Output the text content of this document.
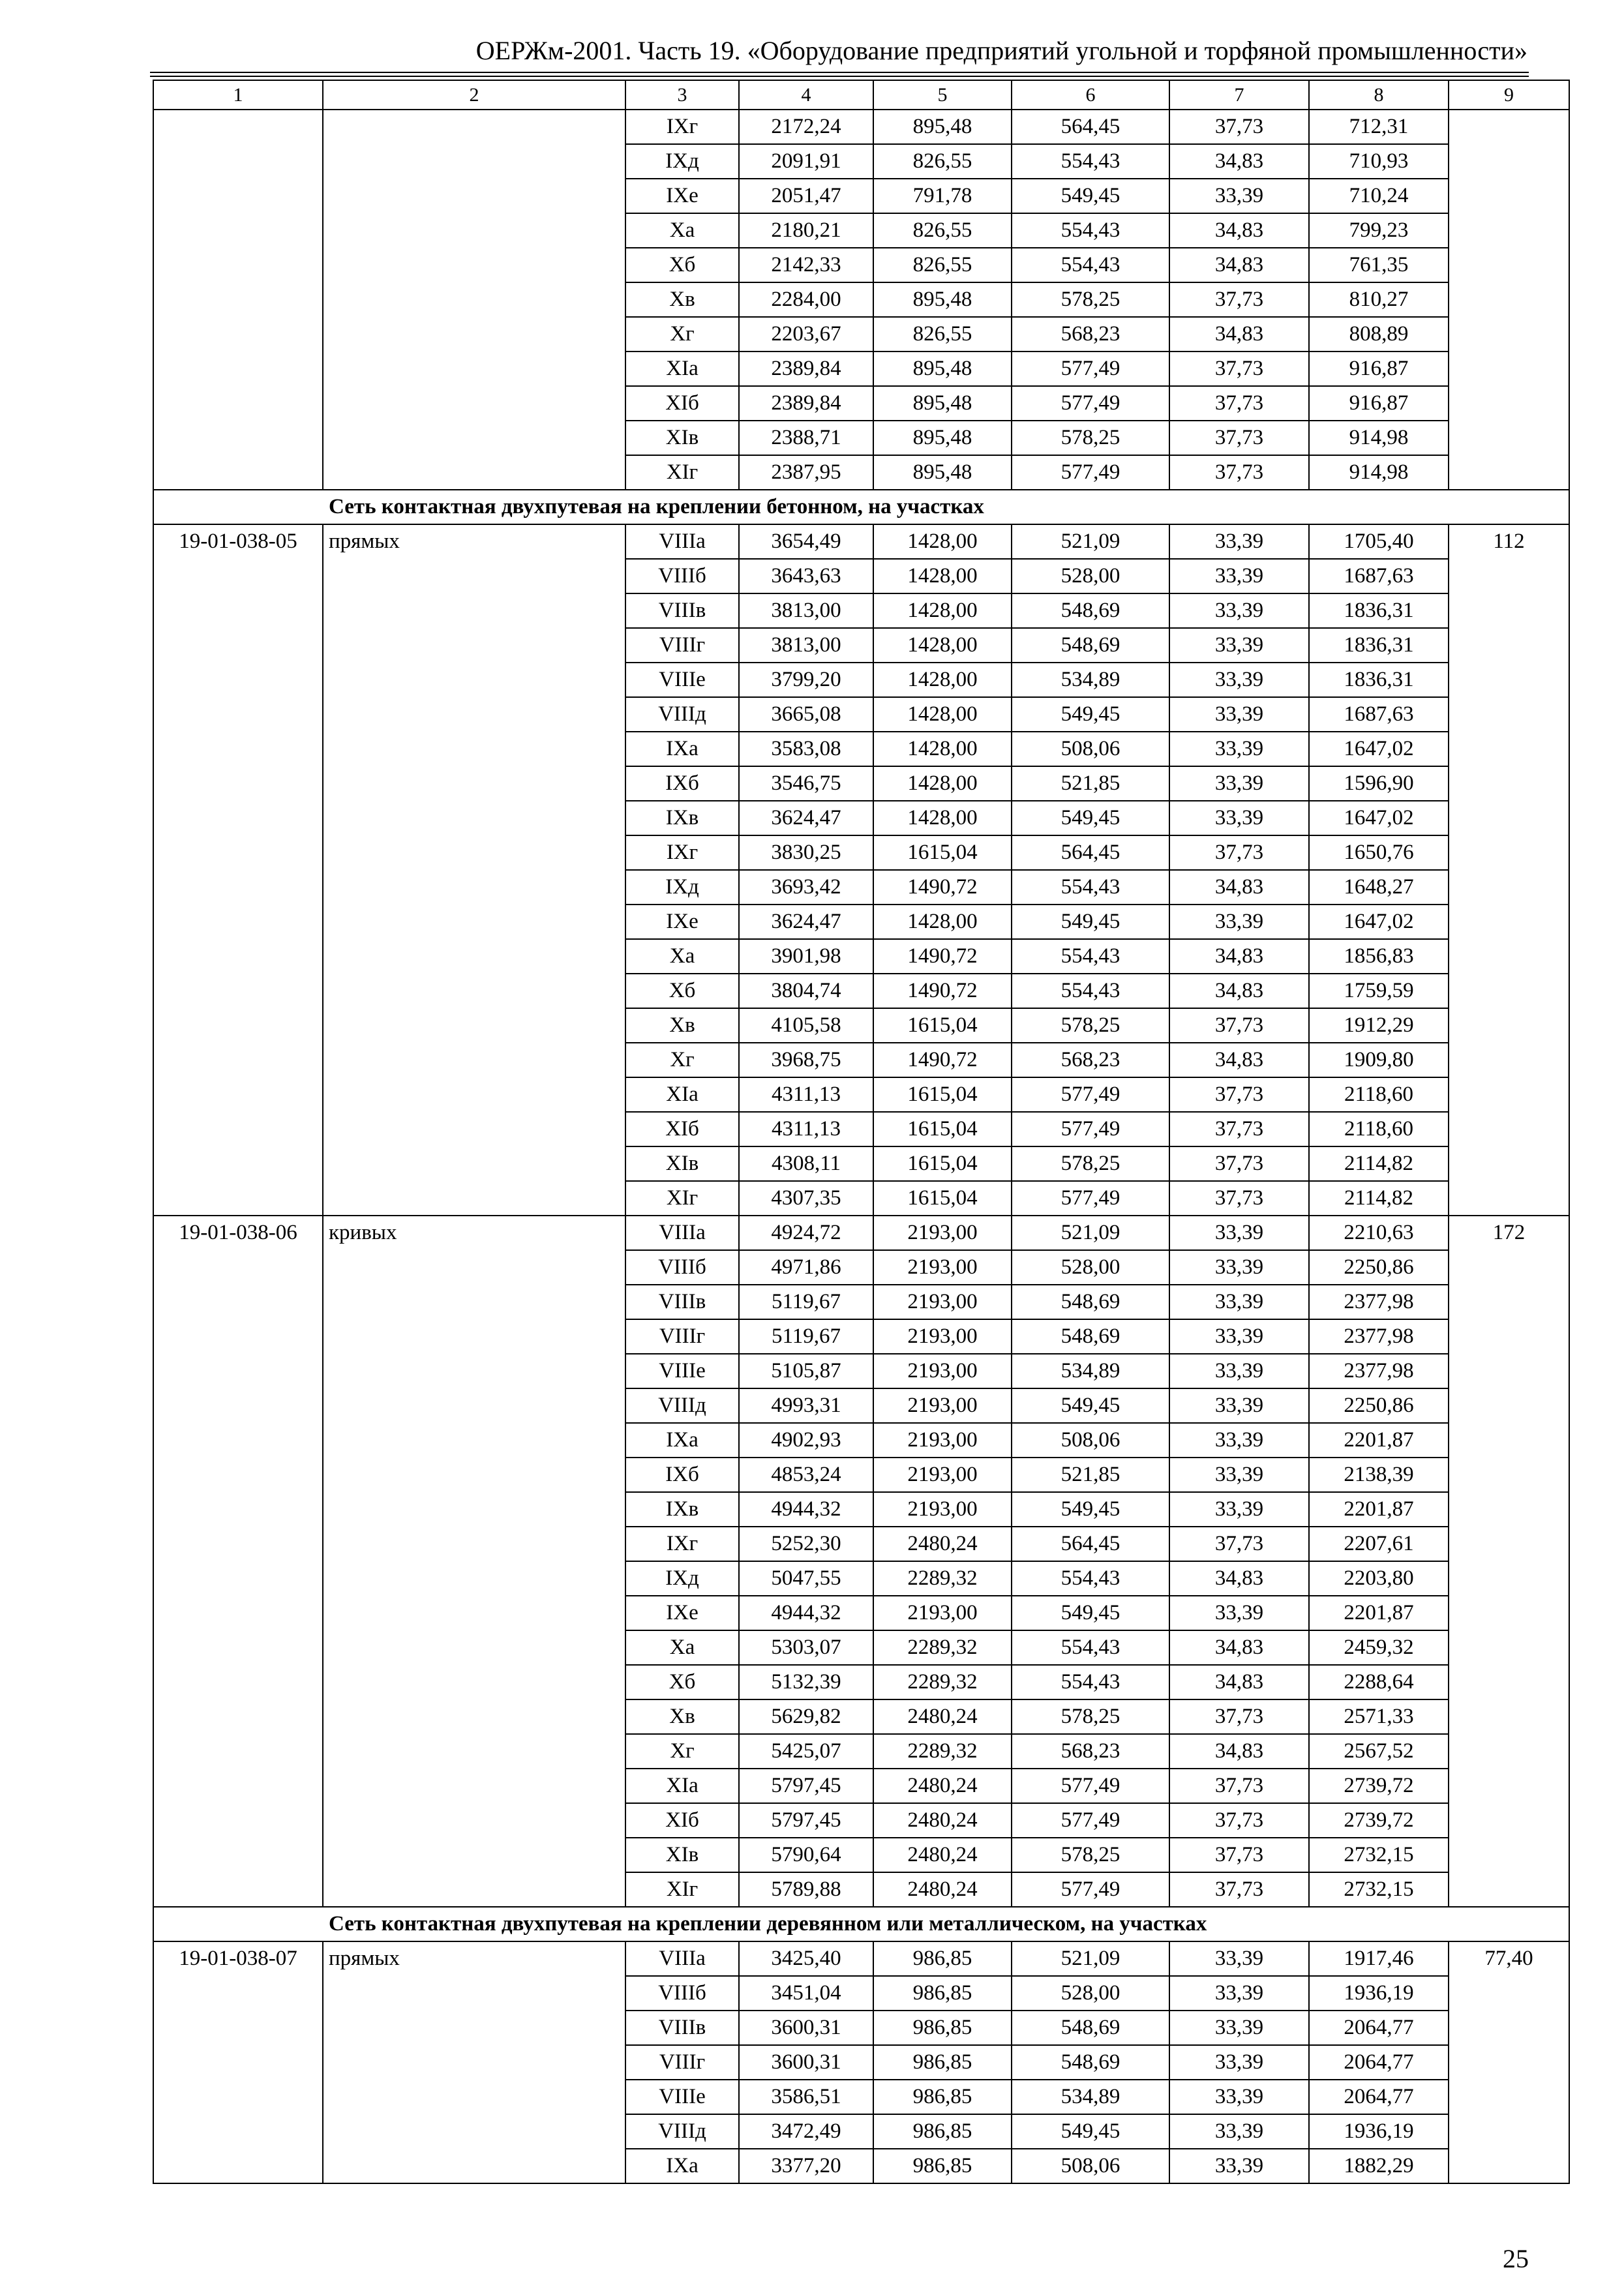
ОЕРЖм-2001. Часть 19. «Оборудование предприятий угольной и торфяной промышленности»
1	2	3	4	5	6	7	8	9
		IXг	2172,24	895,48	564,45	37,73	712,31	
		IXд	2091,91	826,55	554,43	34,83	710,93	
		IXе	2051,47	791,78	549,45	33,39	710,24	
		Xа	2180,21	826,55	554,43	34,83	799,23	
		Xб	2142,33	826,55	554,43	34,83	761,35	
		Xв	2284,00	895,48	578,25	37,73	810,27	
		Xг	2203,67	826,55	568,23	34,83	808,89	
		XIа	2389,84	895,48	577,49	37,73	916,87	
		XIб	2389,84	895,48	577,49	37,73	916,87	
		XIв	2388,71	895,48	578,25	37,73	914,98	
		XIг	2387,95	895,48	577,49	37,73	914,98	
Сеть контактная двухпутевая на креплении бетонном, на участках								
19-01-038-05	прямых	VIIIа	3654,49	1428,00	521,09	33,39	1705,40	112
		VIIIб	3643,63	1428,00	528,00	33,39	1687,63	
		VIIIв	3813,00	1428,00	548,69	33,39	1836,31	
		VIIIг	3813,00	1428,00	548,69	33,39	1836,31	
		VIIIе	3799,20	1428,00	534,89	33,39	1836,31	
		VIIIд	3665,08	1428,00	549,45	33,39	1687,63	
		IXа	3583,08	1428,00	508,06	33,39	1647,02	
		IXб	3546,75	1428,00	521,85	33,39	1596,90	
		IXв	3624,47	1428,00	549,45	33,39	1647,02	
		IXг	3830,25	1615,04	564,45	37,73	1650,76	
		IXд	3693,42	1490,72	554,43	34,83	1648,27	
		IXе	3624,47	1428,00	549,45	33,39	1647,02	
		Xа	3901,98	1490,72	554,43	34,83	1856,83	
		Xб	3804,74	1490,72	554,43	34,83	1759,59	
		Xв	4105,58	1615,04	578,25	37,73	1912,29	
		Xг	3968,75	1490,72	568,23	34,83	1909,80	
		XIа	4311,13	1615,04	577,49	37,73	2118,60	
		XIб	4311,13	1615,04	577,49	37,73	2118,60	
		XIв	4308,11	1615,04	578,25	37,73	2114,82	
		XIг	4307,35	1615,04	577,49	37,73	2114,82	
19-01-038-06	кривых	VIIIа	4924,72	2193,00	521,09	33,39	2210,63	172
		VIIIб	4971,86	2193,00	528,00	33,39	2250,86	
		VIIIв	5119,67	2193,00	548,69	33,39	2377,98	
		VIIIг	5119,67	2193,00	548,69	33,39	2377,98	
		VIIIе	5105,87	2193,00	534,89	33,39	2377,98	
		VIIIд	4993,31	2193,00	549,45	33,39	2250,86	
		IXа	4902,93	2193,00	508,06	33,39	2201,87	
		IXб	4853,24	2193,00	521,85	33,39	2138,39	
		IXв	4944,32	2193,00	549,45	33,39	2201,87	
		IXг	5252,30	2480,24	564,45	37,73	2207,61	
		IXд	5047,55	2289,32	554,43	34,83	2203,80	
		IXе	4944,32	2193,00	549,45	33,39	2201,87	
		Xа	5303,07	2289,32	554,43	34,83	2459,32	
		Xб	5132,39	2289,32	554,43	34,83	2288,64	
		Xв	5629,82	2480,24	578,25	37,73	2571,33	
		Xг	5425,07	2289,32	568,23	34,83	2567,52	
		XIа	5797,45	2480,24	577,49	37,73	2739,72	
		XIб	5797,45	2480,24	577,49	37,73	2739,72	
		XIв	5790,64	2480,24	578,25	37,73	2732,15	
		XIг	5789,88	2480,24	577,49	37,73	2732,15	
Сеть контактная двухпутевая на креплении деревянном или металлическом, на участках								
19-01-038-07	прямых	VIIIа	3425,40	986,85	521,09	33,39	1917,46	77,40
		VIIIб	3451,04	986,85	528,00	33,39	1936,19	
		VIIIв	3600,31	986,85	548,69	33,39	2064,77	
		VIIIг	3600,31	986,85	548,69	33,39	2064,77	
		VIIIе	3586,51	986,85	534,89	33,39	2064,77	
		VIIIд	3472,49	986,85	549,45	33,39	1936,19	
		IXа	3377,20	986,85	508,06	33,39	1882,29	
25
